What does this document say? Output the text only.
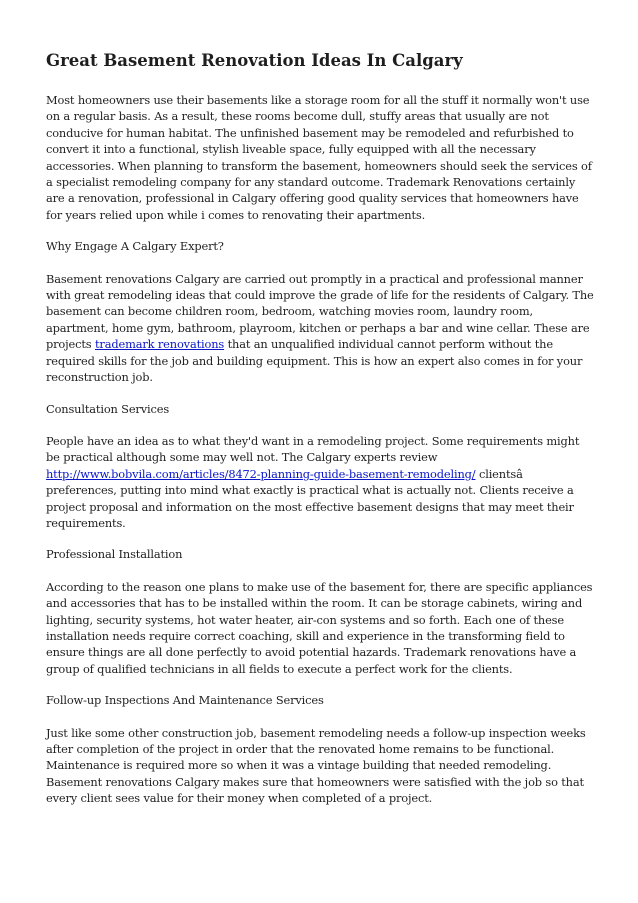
Great Basement Renovation Ideas In Calgary

Most homeowners use their basements like a storage room for all the stuff it normally won't use on a regular basis. As a result, these rooms become dull, stuffy areas that usually are not conducive for human habitat. The unfinished basement may be remodeled and refurbished to convert it into a functional, stylish liveable space, fully equipped with all the necessary accessories. When planning to transform the basement, homeowners should seek the services of a specialist remodeling company for any standard outcome. Trademark Renovations certainly are a renovation, professional in Calgary offering good quality services that homeowners have for years relied upon while i comes to renovating their apartments.

Why Engage A Calgary Expert?

Basement renovations Calgary are carried out promptly in a practical and professional manner with great remodeling ideas that could improve the grade of life for the residents of Calgary. The basement can become children room, bedroom, watching movies room, laundry room, apartment, home gym, bathroom, playroom, kitchen or perhaps a bar and wine cellar. These are projects trademark renovations that an unqualified individual cannot perform without the required skills for the job and building equipment. This is how an expert also comes in for your reconstruction job.

Consultation Services

People have an idea as to what they'd want in a remodeling project. Some requirements might be practical although some may well not. The Calgary experts review
http://www.bobvila.com/articles/8472-planning-guide-basement-remodeling/ clientsâ preferences, putting into mind what exactly is practical what is actually not. Clients receive a project proposal and information on the most effective basement designs that may meet their requirements.

Professional Installation

According to the reason one plans to make use of the basement for, there are specific appliances and accessories that has to be installed within the room. It can be storage cabinets, wiring and lighting, security systems, hot water heater, air-con systems and so forth. Each one of these installation needs require correct coaching, skill and experience in the transforming field to ensure things are all done perfectly to avoid potential hazards. Trademark renovations have a group of qualified technicians in all fields to execute a perfect work for the clients.

Follow-up Inspections And Maintenance Services

Just like some other construction job, basement remodeling needs a follow-up inspection weeks after completion of the project in order that the renovated home remains to be functional. Maintenance is required more so when it was a vintage building that needed remodeling. Basement renovations Calgary makes sure that homeowners were satisfied with the job so that every client sees value for their money when completed of a project.
